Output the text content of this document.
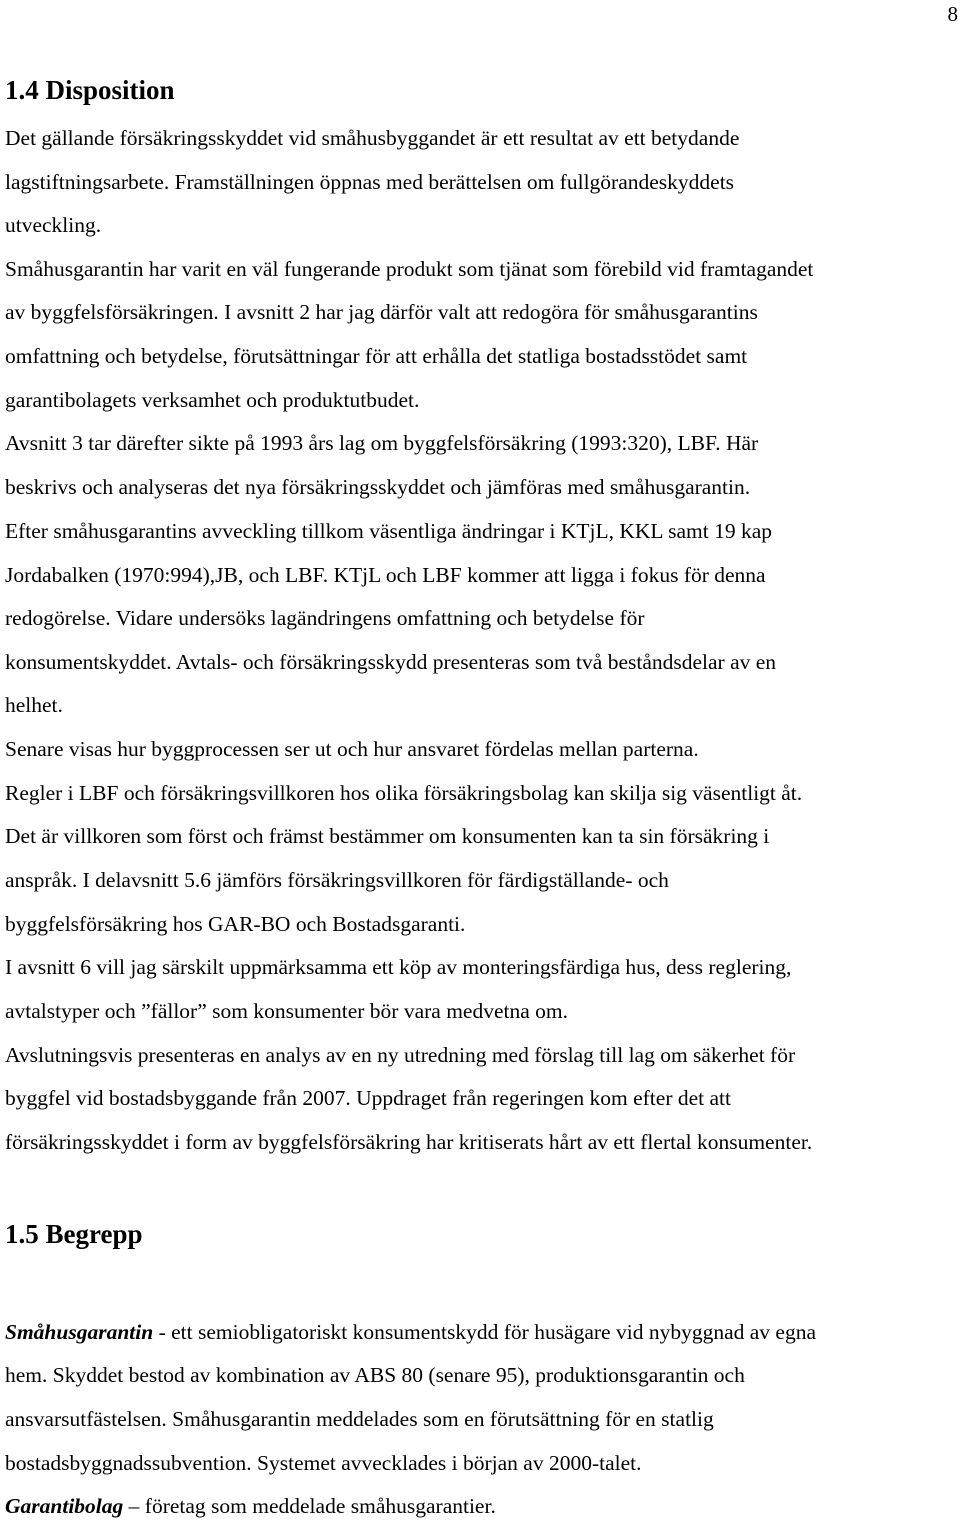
8
1.4 Disposition
Det gällande försäkringsskyddet vid småhusbyggandet är ett resultat av ett betydande
lagstiftningsarbete. Framställningen öppnas med berättelsen om fullgörandeskyddets
utveckling.
Småhusgarantin har varit en väl fungerande produkt som tjänat som förebild vid framtagandet
av byggfelsförsäkringen. I avsnitt 2 har jag därför valt att redogöra för småhusgarantins
omfattning och betydelse, förutsättningar för att erhålla det statliga bostadsstödet samt
garantibolagets verksamhet och produktutbudet.
Avsnitt 3 tar därefter sikte på 1993 års lag om byggfelsförsäkring (1993:320), LBF. Här
beskrivs och analyseras det nya försäkringsskyddet och jämföras med småhusgarantin.
Efter småhusgarantins avveckling tillkom väsentliga ändringar i KTjL, KKL samt 19 kap
Jordabalken (1970:994),JB, och LBF. KTjL och LBF kommer att ligga i fokus för denna
redogörelse. Vidare undersöks lagändringens omfattning och betydelse för
konsumentskyddet. Avtals- och försäkringsskydd presenteras som två beståndsdelar av en
helhet.
Senare visas hur byggprocessen ser ut och hur ansvaret fördelas mellan parterna.
Regler i LBF och försäkringsvillkoren hos olika försäkringsbolag kan skilja sig väsentligt åt.
Det är villkoren som först och främst bestämmer om konsumenten kan ta sin försäkring i
anspråk. I delavsnitt 5.6 jämförs försäkringsvillkoren för färdigställande- och
byggfelsförsäkring hos GAR-BO och Bostadsgaranti.
I avsnitt 6 vill jag särskilt uppmärksamma ett köp av monteringsfärdiga hus, dess reglering,
avtalstyper och ”fällor” som konsumenter bör vara medvetna om.
Avslutningsvis presenteras en analys av en ny utredning med förslag till lag om säkerhet för
byggfel vid bostadsbyggande från 2007. Uppdraget från regeringen kom efter det att
försäkringsskyddet i form av byggfelsförsäkring har kritiserats hårt av ett flertal konsumenter.
1.5 Begrepp
Småhusgarantin - ett semiobligatoriskt konsumentskydd för husägare vid nybyggnad av egna
hem. Skyddet bestod av kombination av ABS 80 (senare 95), produktionsgarantin och
ansvarsutfästelsen. Småhusgarantin meddelades som en förutsättning för en statlig
bostadsbyggnadssubvention. Systemet avvecklades i början av 2000-talet.
Garantibolag – företag som meddelade småhusgarantier.
